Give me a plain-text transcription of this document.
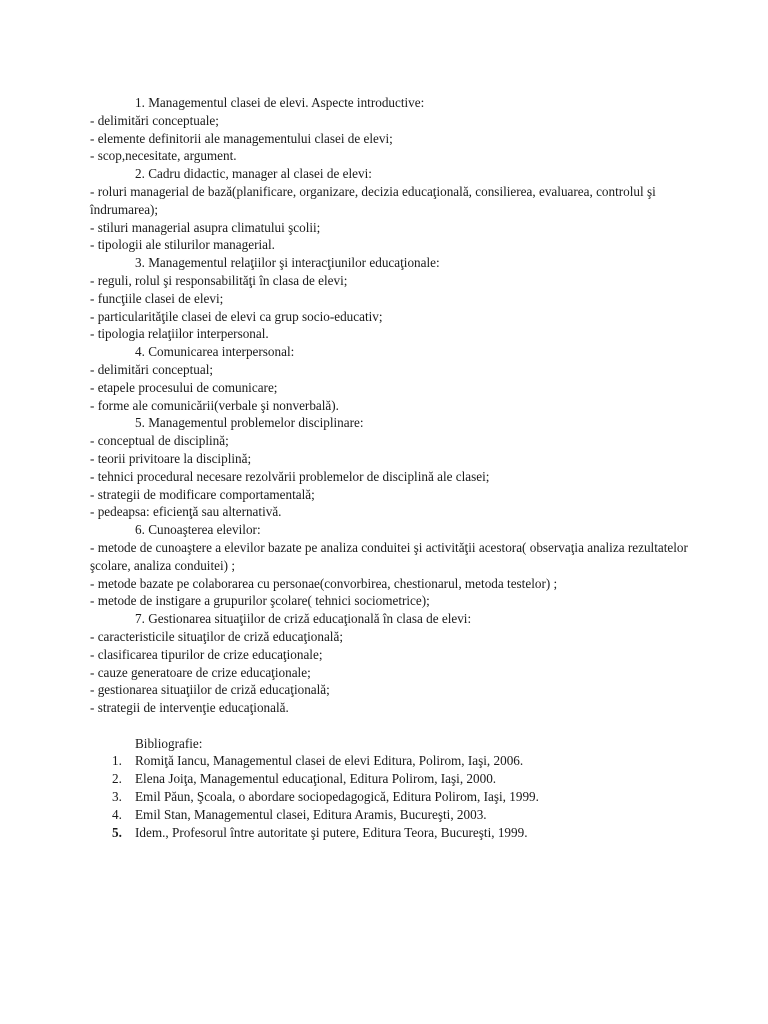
1. Managementul clasei de elevi. Aspecte introductive:
- delimitări conceptuale;
- elemente definitorii ale managementului clasei de elevi;
- scop,necesitate, argument.
2. Cadru didactic, manager al clasei de elevi:
- roluri managerial de bază(planificare, organizare, decizia educaţională, consilierea, evaluarea, controlul şi îndrumarea);
- stiluri managerial asupra climatului şcolii;
- tipologii ale stilurilor managerial.
3. Managementul relaţiilor şi interacţiunilor educaţionale:
- reguli, rolul şi responsabilităţi în clasa de elevi;
- funcţiile clasei de elevi;
- particularităţile clasei de elevi ca grup socio-educativ;
- tipologia relaţiilor interpersonal.
4. Comunicarea interpersonal:
- delimitări conceptual;
- etapele procesului de comunicare;
- forme ale comunicării(verbale şi nonverbală).
5. Managementul problemelor disciplinare:
- conceptual de disciplină;
- teorii privitoare la disciplină;
- tehnici procedural necesare rezolvării problemelor de disciplină ale clasei;
- strategii de modificare comportamentală;
- pedeapsa: eficienţă sau alternativă.
6. Cunoaşterea elevilor:
- metode de cunoaştere a elevilor bazate pe analiza conduitei şi activităţii acestora( observaţia analiza rezultatelor şcolare, analiza conduitei) ;
- metode bazate pe colaborarea cu personae(convorbirea, chestionarul, metoda testelor) ;
- metode de instigare a grupurilor şcolare( tehnici sociometrice);
7. Gestionarea situaţiilor de criză educaţională în clasa de elevi:
- caracteristicile situaţilor de criză educaţională;
- clasificarea tipurilor de crize educaţionale;
- cauze generatoare de crize educaţionale;
- gestionarea situaţiilor de criză educaţională;
- strategii de intervenţie educaţională.
Bibliografie:
1. Romiţă Iancu, Managementul clasei de elevi Editura, Polirom, Iaşi, 2006.
2. Elena Joiţa, Managementul educaţional, Editura Polirom, Iaşi, 2000.
3. Emil Păun, Şcoala, o abordare sociopedagogică, Editura Polirom, Iaşi, 1999.
4. Emil Stan, Managementul clasei, Editura Aramis, Bucureşti, 2003.
5. Idem., Profesorul între autoritate şi putere, Editura Teora, Bucureşti, 1999.
